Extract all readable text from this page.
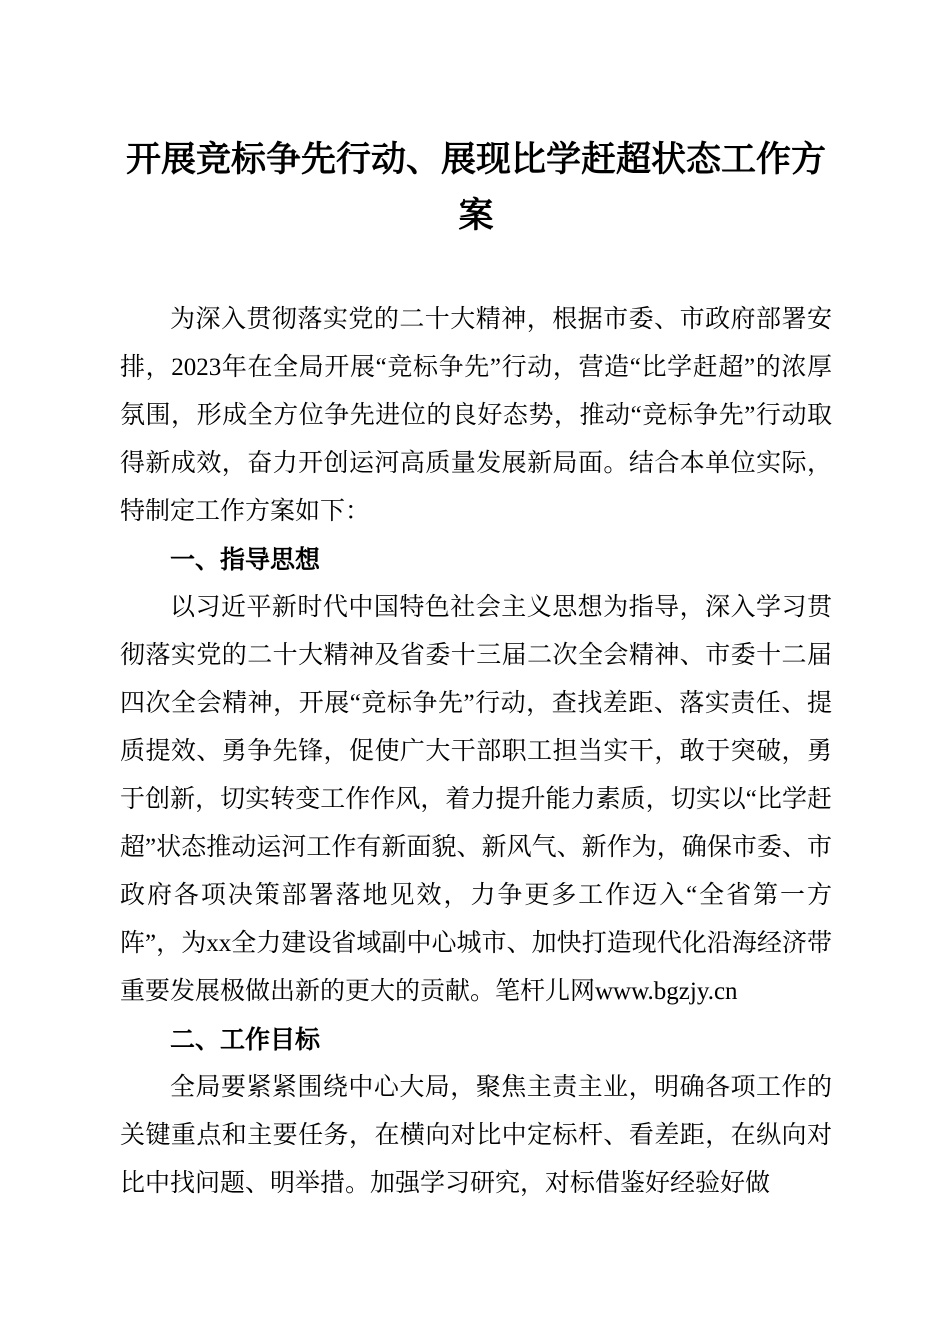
开展竞标争先行动、展现比学赶超状态工作方案

为深入贯彻落实党的二十大精神，根据市委、市政府部署安排，2023年在全局开展“竞标争先”行动，营造“比学赶超”的浓厚氛围，形成全方位争先进位的良好态势，推动“竞标争先”行动取得新成效，奋力开创运河高质量发展新局面。结合本单位实际，特制定工作方案如下：

一、指导思想

以习近平新时代中国特色社会主义思想为指导，深入学习贯彻落实党的二十大精神及省委十三届二次全会精神、市委十二届四次全会精神，开展“竞标争先”行动，查找差距、落实责任、提质提效、勇争先锋，促使广大干部职工担当实干，敢于突破，勇于创新，切实转变工作作风，着力提升能力素质，切实以“比学赶超”状态推动运河工作有新面貌、新风气、新作为，确保市委、市政府各项决策部署落地见效，力争更多工作迈入“全省第一方阵”，为xx全力建设省域副中心城市、加快打造现代化沿海经济带重要发展极做出新的更大的贡献。笔杆儿网www.bgzjy.cn

二、工作目标

全局要紧紧围绕中心大局，聚焦主责主业，明确各项工作的关键重点和主要任务，在横向对比中定标杆、看差距，在纵向对比中找问题、明举措。加强学习研究，对标借鉴好经验好做
